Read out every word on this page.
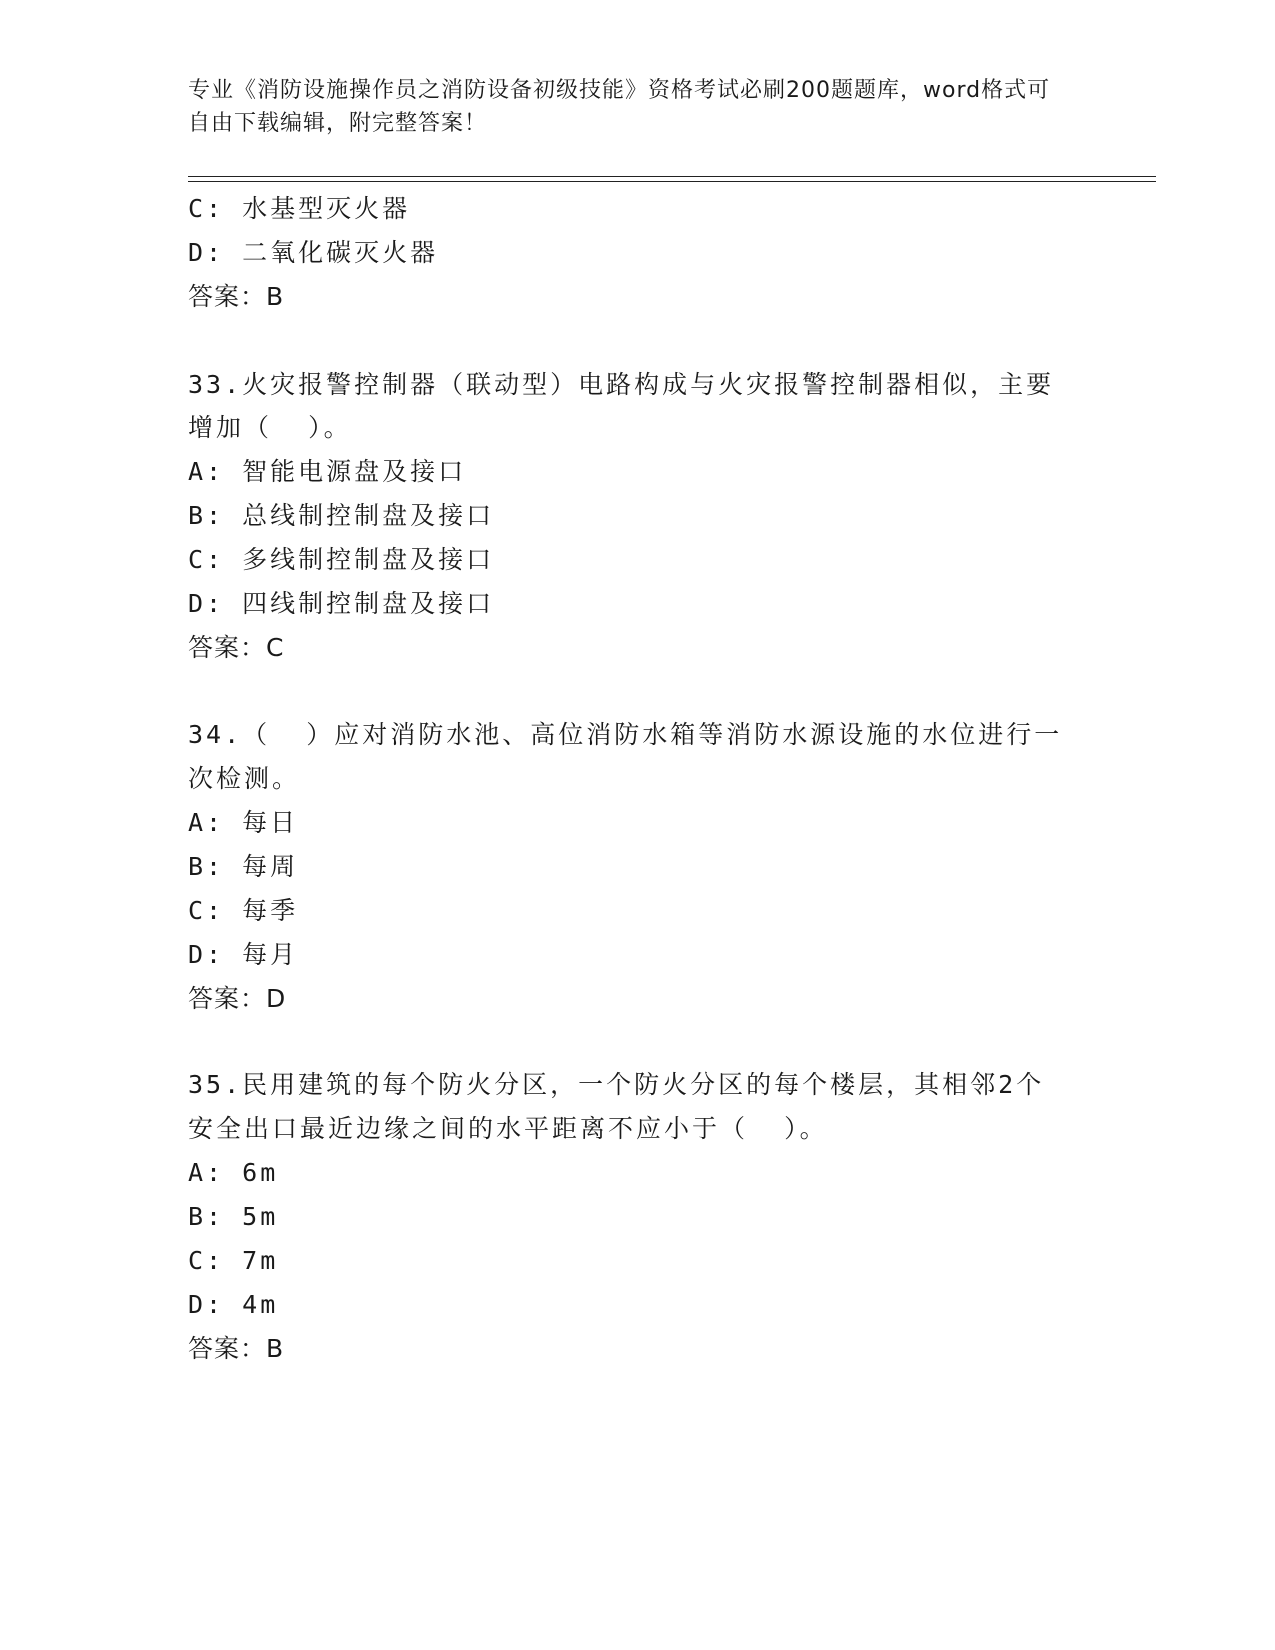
专业《消防设施操作员之消防设备初级技能》资格考试必刷200题题库，word格式可自由下载编辑，附完整答案！
C: 水基型灭火器
D: 二氧化碳灭火器
答案：B
33.火灾报警控制器（联动型）电路构成与火灾报警控制器相似，主要
增加（  ）。
A: 智能电源盘及接口
B: 总线制控制盘及接口
C: 多线制控制盘及接口
D: 四线制控制盘及接口
答案：C
34.（  ）应对消防水池、高位消防水箱等消防水源设施的水位进行一
次检测。
A: 每日
B: 每周
C: 每季
D: 每月
答案：D
35.民用建筑的每个防火分区，一个防火分区的每个楼层，其相邻2个
安全出口最近边缘之间的水平距离不应小于（  ）。
A: 6m
B: 5m
C: 7m
D: 4m
答案：B
